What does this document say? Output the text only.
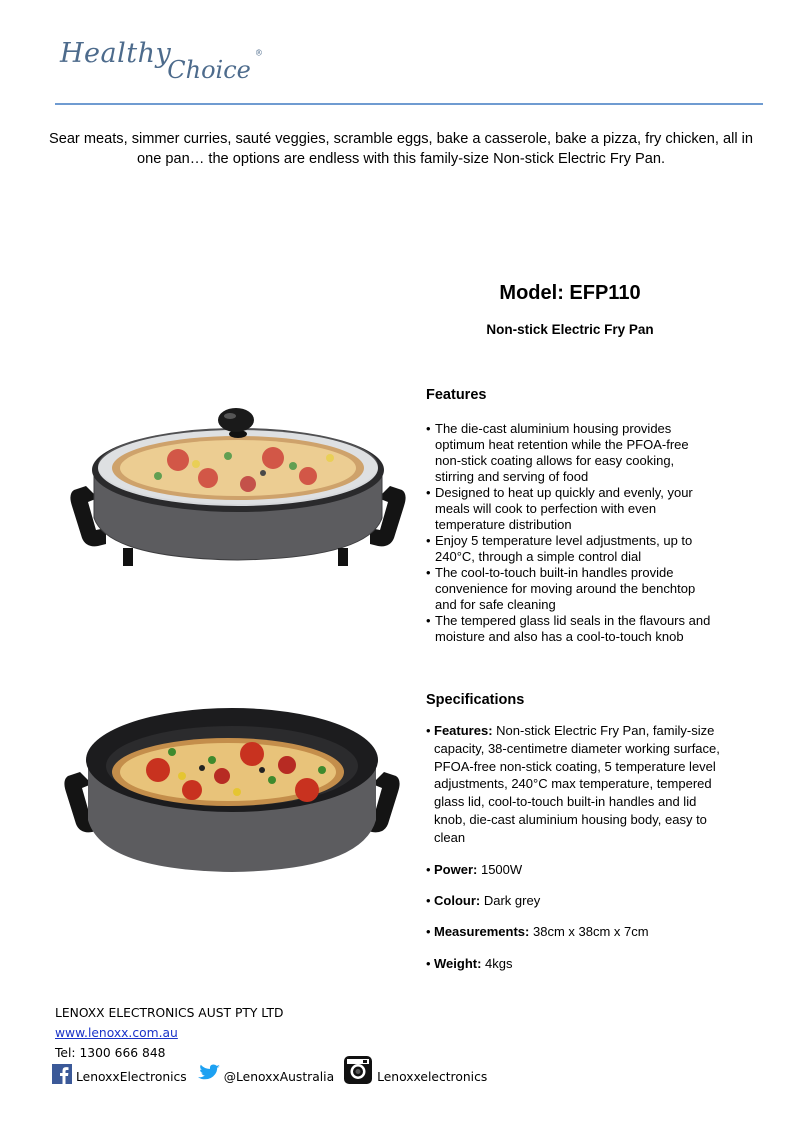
HealthyChoice®

Sear meats, simmer curries, sauté veggies, scramble eggs, bake a casserole, bake a pizza, fry chicken, all in one pan… the options are endless with this family-size Non-stick Electric Fry Pan.

Model: EFP110
Non-stick Electric Fry Pan
Features
• The die-cast aluminium housing provides optimum heat retention while the PFOA-free non-stick coating allows for easy cooking, stirring and serving of food
• Designed to heat up quickly and evenly, your meals will cook to perfection with even temperature distribution
• Enjoy 5 temperature level adjustments, up to 240°C, through a simple control dial
• The cool-to-touch built-in handles provide convenience for moving around the benchtop and for safe cleaning
• The tempered glass lid seals in the flavours and moisture and also has a cool-to-touch knob
Specifications

• Features: Non-stick Electric Fry Pan, family-size capacity, 38-centimetre diameter working surface, PFOA-free non-stick coating, 5 temperature level adjustments, 240°C max temperature, tempered glass lid, cool-to-touch built-in handles and lid knob, die-cast aluminium housing body, easy to clean

• Power: 1500W

• Colour: Dark grey

• Measurements: 38cm x 38cm x 7cm

• Weight: 4kgs

LENOXX ELECTRONICS AUST PTY LTD
www.lenoxx.com.au
Tel: 1300 666 848
LenoxxElectronics	@LenoxxAustralia	Lenoxxelectronics
